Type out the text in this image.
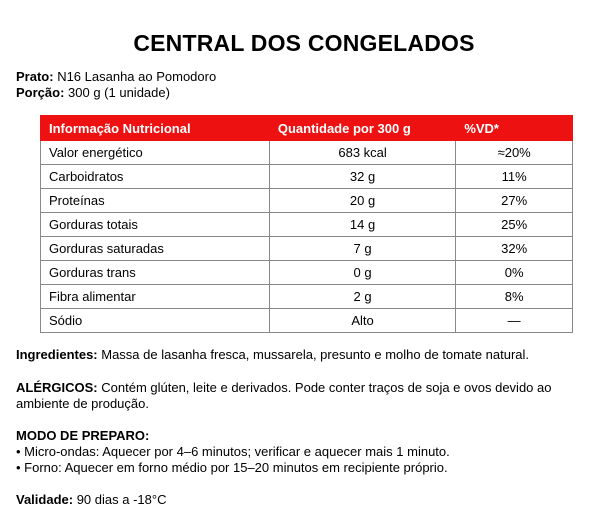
CENTRAL DOS CONGELADOS
Prato: N16 Lasanha ao Pomodoro
Porção: 300 g (1 unidade)
Informação Nutricional	Quantidade por 300 g	%VD*
Valor energético	683 kcal	≈20%
Carboidratos	32 g	11%
Proteínas	20 g	27%
Gorduras totais	14 g	25%
Gorduras saturadas	7 g	32%
Gorduras trans	0 g	0%
Fibra alimentar	2 g	8%
Sódio	Alto	—
Ingredientes: Massa de lasanha fresca, mussarela, presunto e molho de tomate natural.
ALÉRGICOS: Contém glúten, leite e derivados. Pode conter traços de soja e ovos devido ao ambiente de produção.
MODO DE PREPARO:
• Micro-ondas: Aquecer por 4–6 minutos; verificar e aquecer mais 1 minuto.
• Forno: Aquecer em forno médio por 15–20 minutos em recipiente próprio.
Validade: 90 dias a -18°C
